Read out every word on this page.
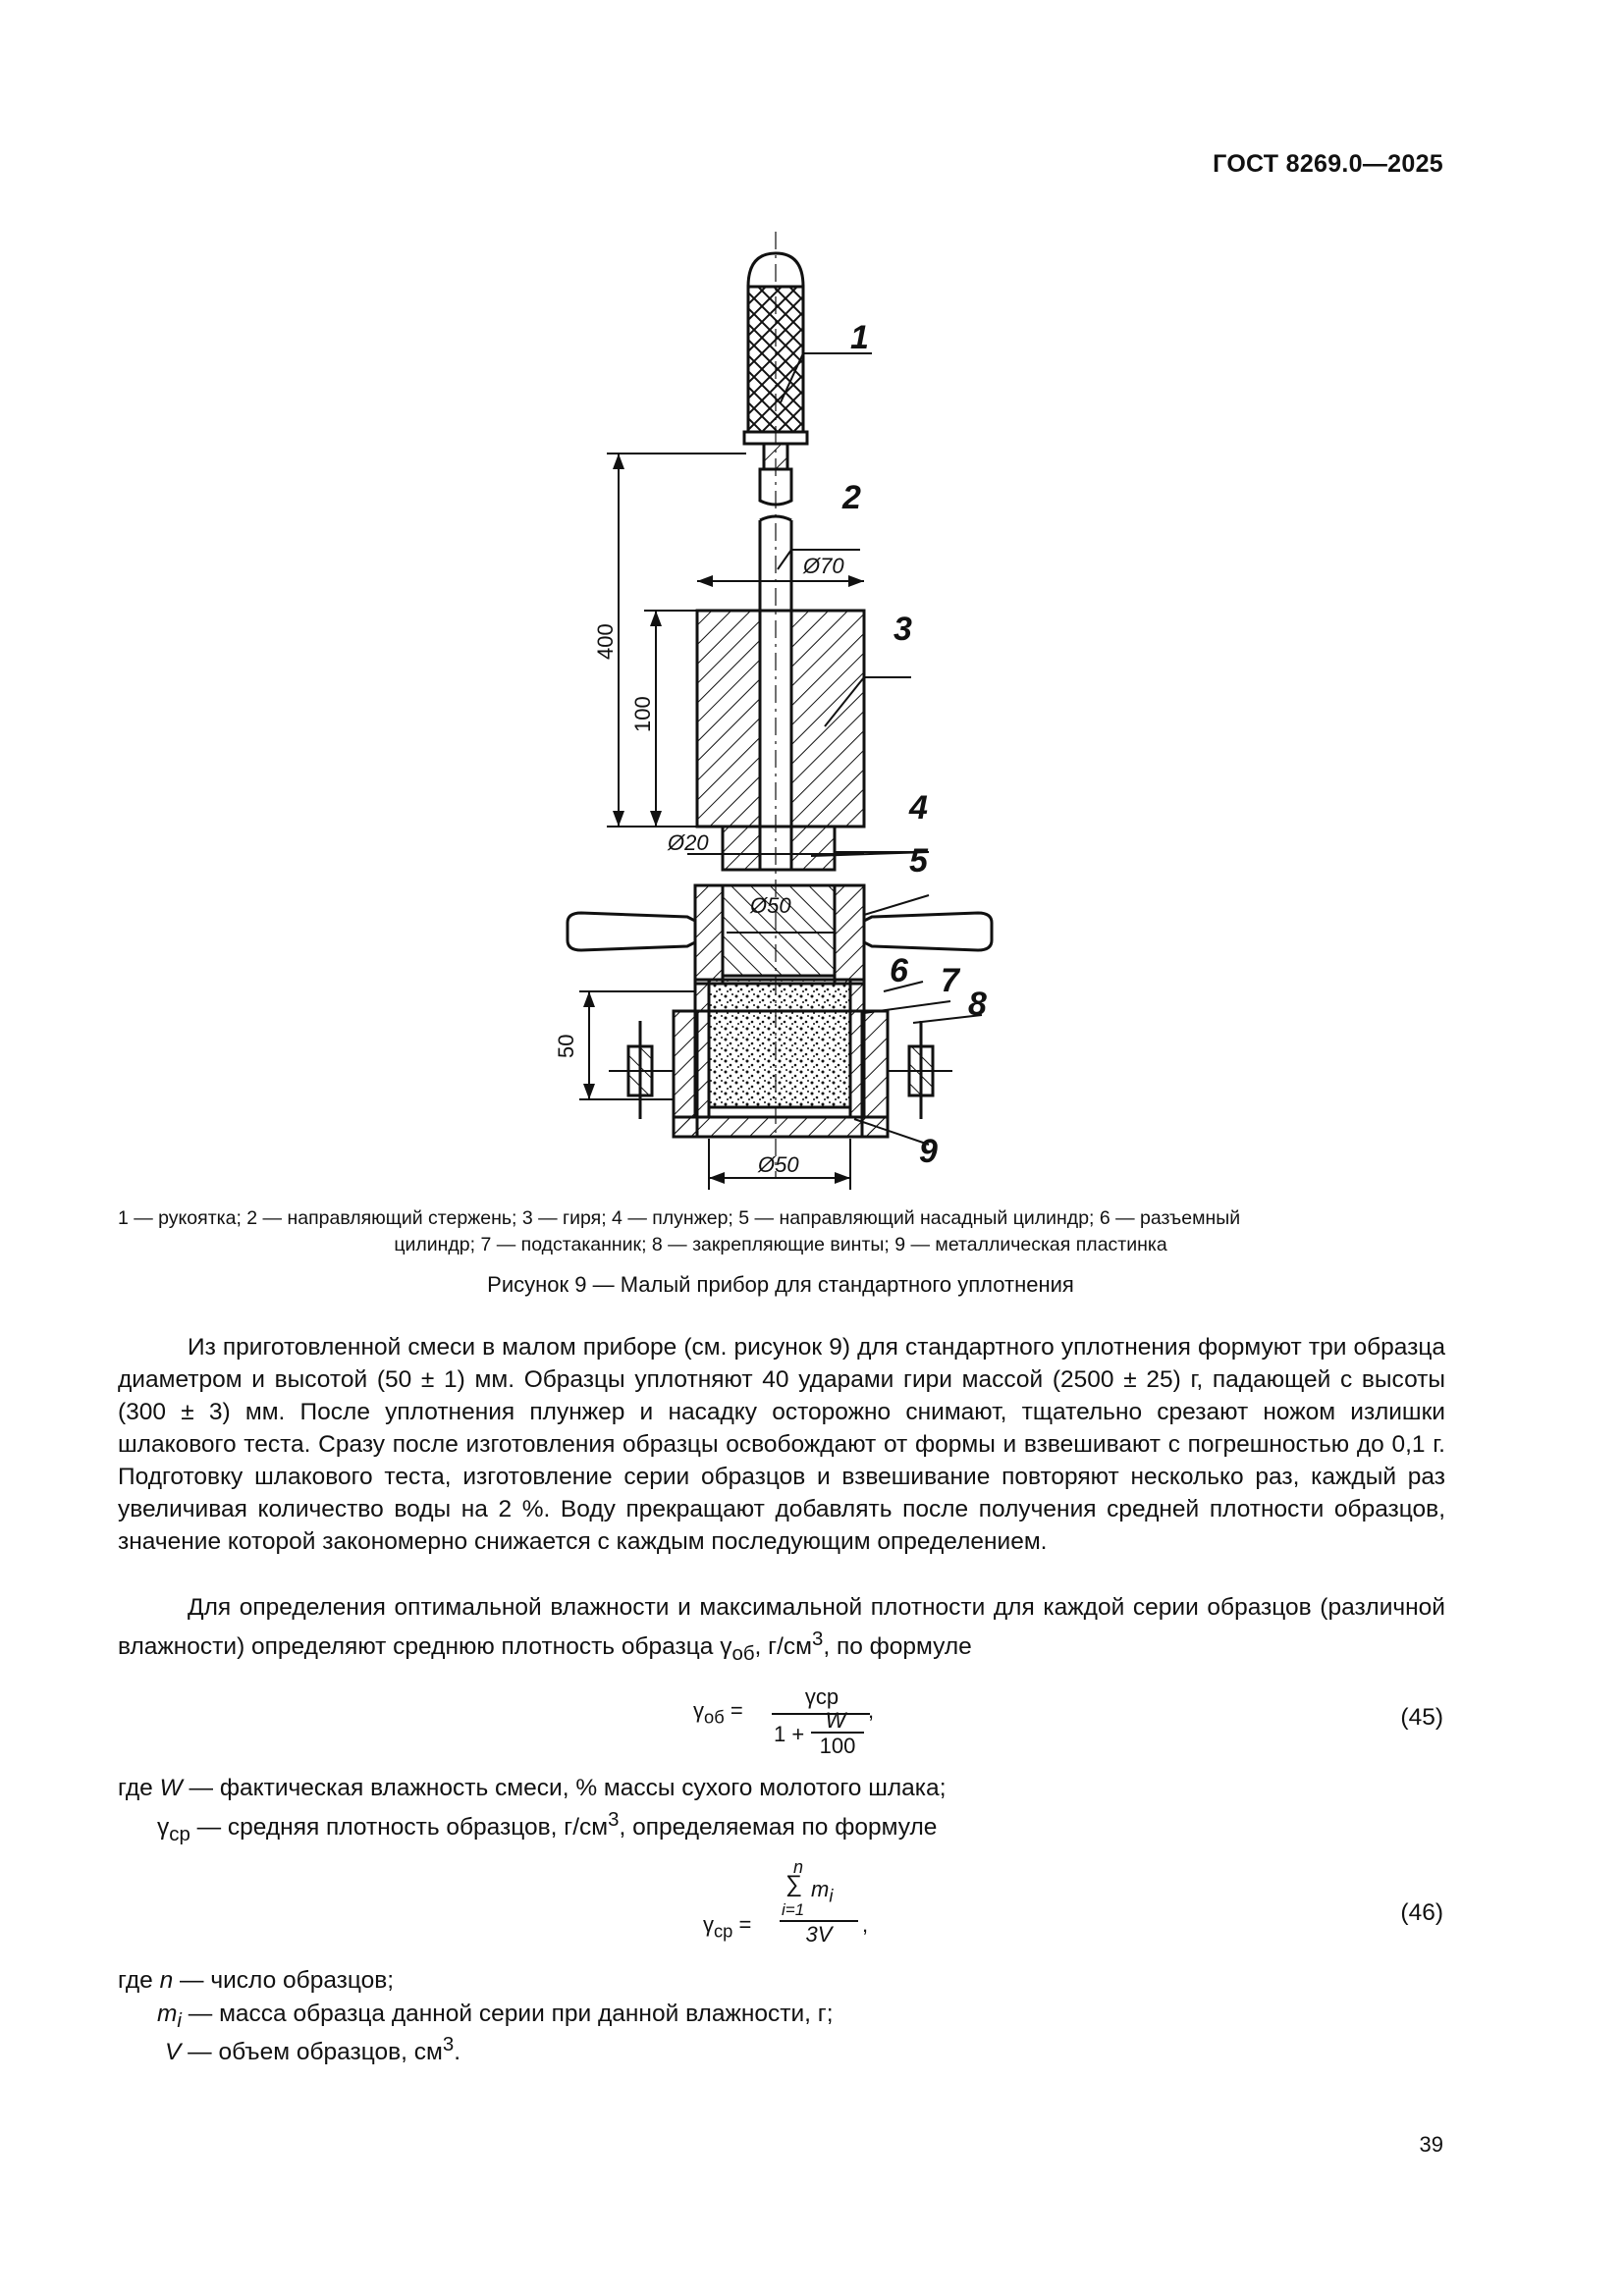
ГОСТ 8269.0—2025
1
2
3
4
5
6 7
8
9
Ø70
Ø20
Ø50
Ø50
400
100
50
1 — рукоятка; 2 — направляющий стержень; 3 — гиря; 4 — плунжер; 5 — направляющий насадный цилиндр; 6 — разъемный
цилиндр; 7 — подстаканник; 8 — закрепляющие винты; 9 — металлическая пластинка
Рисунок 9 — Малый прибор для стандартного уплотнения

Из приготовленной смеси в малом приборе (см. рисунок 9) для стандартного уплотнения формуют три образца диаметром и высотой (50 ± 1) мм. Образцы уплотняют 40 ударами гири массой (2500 ± 25) г, падающей с высоты (300 ± 3) мм. После уплотнения плунжер и насадку осторожно снимают, тщательно срезают ножом излишки шлакового теста. Сразу после изготовления образцы освобождают от формы и взвешивают с погрешностью до 0,1 г. Подготовку шлакового теста, изготовление серии образцов и взвешивание повторяют несколько раз, каждый раз увеличивая количество воды на 2 %. Воду прекращают добавлять после получения средней плотности образцов, значение которой закономерно снижается с каждым последующим определением.

Для определения оптимальной влажности и максимальной плотности для каждой серии образцов (различной влажности) определяют среднюю плотность образца $\gamma_{об}$, $г/см^3$, по формуле

$\gamma_{об}$ =
γср
1 +
W
100
,	(45)
где W — фактическая влажность смеси, % массы сухого молотого шлака;
$\gamma_{ср}$ — средняя плотность образцов, $г/см^3$, определяемая по формуле
$\gamma_{ср}$ =
n
∑ $m_i$
i=1
3V	,	(46)
где n — число образцов;
$m_i$ — масса образца данной серии при данной влажности, г;
V — объем образцов, $см^3$.
39
